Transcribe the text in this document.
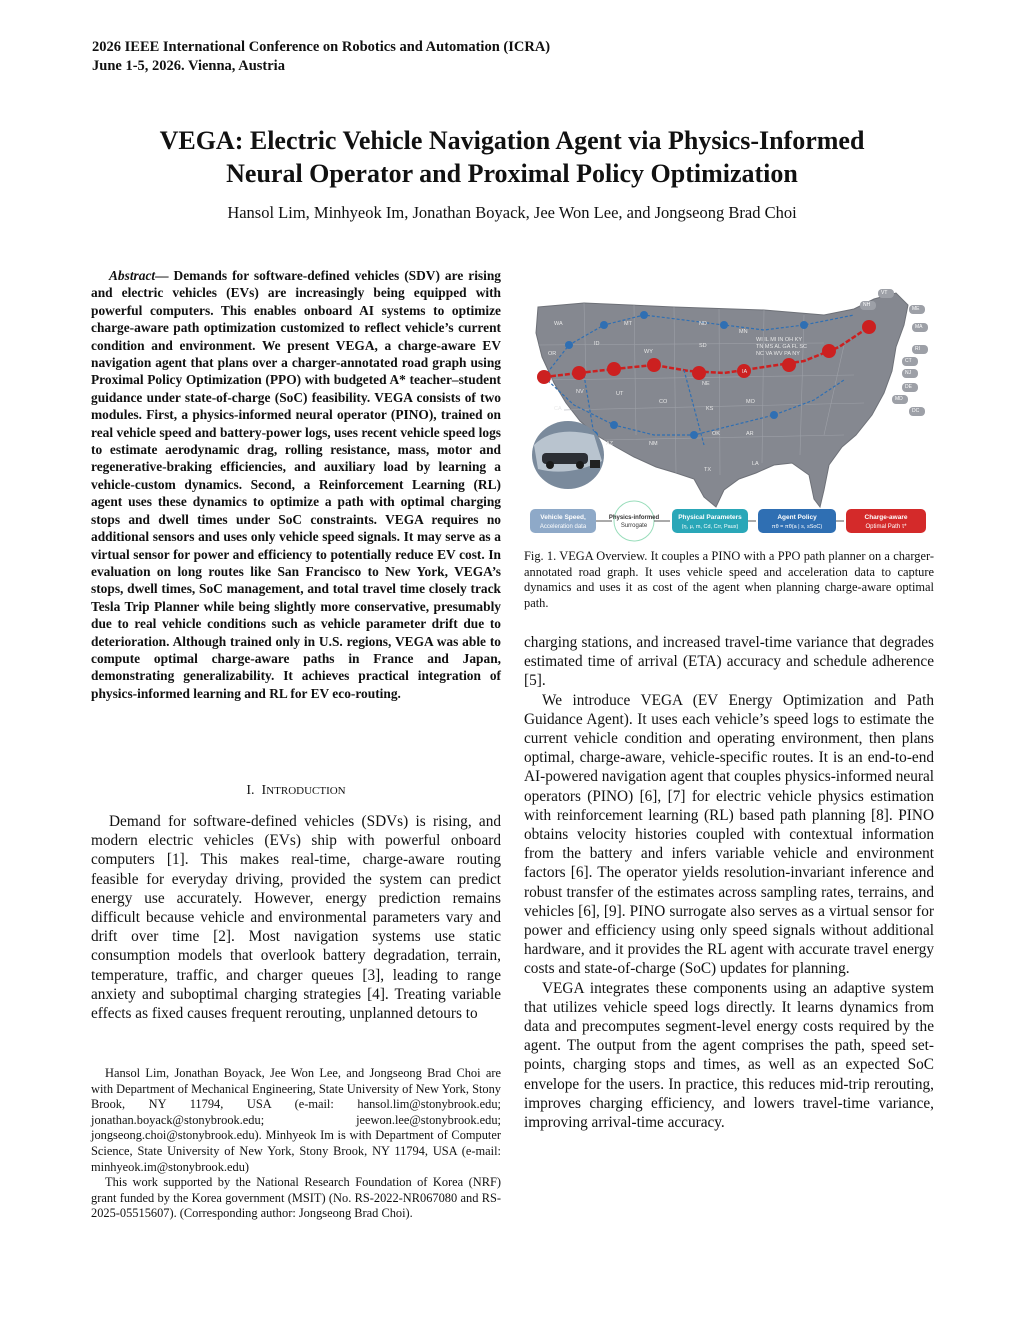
2026 IEEE International Conference on Robotics and Automation (ICRA)
June 1-5, 2026. Vienna, Austria
VEGA: Electric Vehicle Navigation Agent via Physics-Informed
Neural Operator and Proximal Policy Optimization
Hansol Lim, Minhyeok Im, Jonathan Boyack, Jee Won Lee, and Jongseong Brad Choi
Abstract— Demands for software-defined vehicles (SDV) are rising and electric vehicles (EVs) are increasingly being equipped with powerful computers. This enables onboard AI systems to optimize charge-aware path optimization customized to reflect vehicle’s current condition and environment. We present VEGA, a charge-aware EV navigation agent that plans over a charger-annotated road graph using Proximal Policy Optimization (PPO) with budgeted A* teacher–student guidance under state-of-charge (SoC) feasibility. VEGA consists of two modules. First, a physics-informed neural operator (PINO), trained on real vehicle speed and battery-power logs, uses recent vehicle speed logs to estimate aerodynamic drag, rolling resistance, mass, motor and regenerative-braking efficiencies, and auxiliary load by learning a vehicle-custom dynamics. Second, a Reinforcement Learning (RL) agent uses these dynamics to optimize a path with optimal charging stops and dwell times under SoC constraints. VEGA requires no additional sensors and uses only vehicle speed signals. It may serve as a virtual sensor for power and efficiency to potentially reduce EV cost. In evaluation on long routes like San Francisco to New York, VEGA’s stops, dwell times, SoC management, and total travel time closely track Tesla Trip Planner while being slightly more conservative, presumably due to real vehicle conditions such as vehicle parameter drift due to deterioration. Although trained only in U.S. regions, VEGA was able to compute optimal charge-aware paths in France and Japan, demonstrating generalizability. It achieves practical integration of physics-informed learning and RL for EV eco-routing.
I. INTRODUCTION

Demand for software-defined vehicles (SDVs) is rising, and modern electric vehicles (EVs) ship with powerful onboard computers [1]. This makes real-time, charge-aware routing feasible for everyday driving, provided the system can predict energy use accurately. However, energy prediction remains difficult because vehicle and environmental parameters vary and drift over time [2]. Most navigation systems use static consumption models that overlook battery degradation, terrain, temperature, traffic, and charger queues [3], leading to range anxiety and suboptimal charging strategies [4]. Treating variable effects as fixed causes frequent rerouting, unplanned detours to

Hansol Lim, Jonathan Boyack, Jee Won Lee, and Jongseong Brad Choi are with Department of Mechanical Engineering, State University of New York, Stony Brook, NY 11794, USA (e-mail: hansol.lim@stonybrook.edu; jonathan.boyack@stonybrook.edu; jeewon.lee@stonybrook.edu; jongseong.choi@stonybrook.edu). Minhyeok Im is with Department of Computer Science, State University of New York, Stony Brook, NY 11794, USA (e-mail: minhyeok.im@stonybrook.edu)

This work supported by the National Research Foundation of Korea (NRF) grant funded by the Korea government (MSIT) (No. RS-2022-NR067080 and RS-2025-05515607). (Corresponding author: Jongseong Brad Choi).

Vehicle Speed,
Acceleration data
Physics-informed
Surrogate
Physical Parameters
(η, μ, m, Cd, Crr, Paux)
Agent Policy
πθ = πθ(a | s, sSoC)
Charge-aware
Optimal Path τ*
WA
OR
CA
NV
ID
MT
WY
UT
AZ
CO
NM
ND
SD
NE
KS
OK
TX
MN
IA
MO
AR
LA
Fig. 1. VEGA Overview. It couples a PINO with a PPO path planner on a charger-annotated road graph. It uses vehicle speed and acceleration data to capture dynamics and uses it as cost of the agent when planning charge-aware optimal path.

charging stations, and increased travel-time variance that degrades estimated time of arrival (ETA) accuracy and schedule adherence [5].

We introduce VEGA (EV Energy Optimization and Path Guidance Agent). It uses each vehicle’s speed logs to estimate the current vehicle condition and operating environment, then plans optimal, charge-aware, vehicle-specific routes. It is an end-to-end AI-powered navigation agent that couples physics-informed neural operators (PINO) [6], [7] for electric vehicle physics estimation with reinforcement learning (RL) based path planning [8]. PINO obtains velocity histories coupled with contextual information from the battery and infers variable vehicle and environment factors [6]. The operator yields resolution-invariant inference and robust transfer of the estimates across sampling rates, terrains, and vehicles [6], [9]. PINO surrogate also serves as a virtual sensor for power and efficiency using only speed signals without additional hardware, and it provides the RL agent with accurate travel energy costs and state-of-charge (SoC) updates for planning.

VEGA integrates these components using an adaptive system that utilizes vehicle speed logs directly. It learns dynamics from data and precomputes segment-level energy costs required by the agent. The output from the agent comprises the path, speed set-points, charging stops and times, as well as an expected SoC envelope for the users. In practice, this reduces mid-trip rerouting, improves charging efficiency, and lowers travel-time variance, improving arrival-time accuracy.

WI IL MI IN OH KY
TN MS AL GA FL SC
NC VA WV PA NY
VT
NH
ME
MA
RI
CT
NJ
DE
MD
DC
